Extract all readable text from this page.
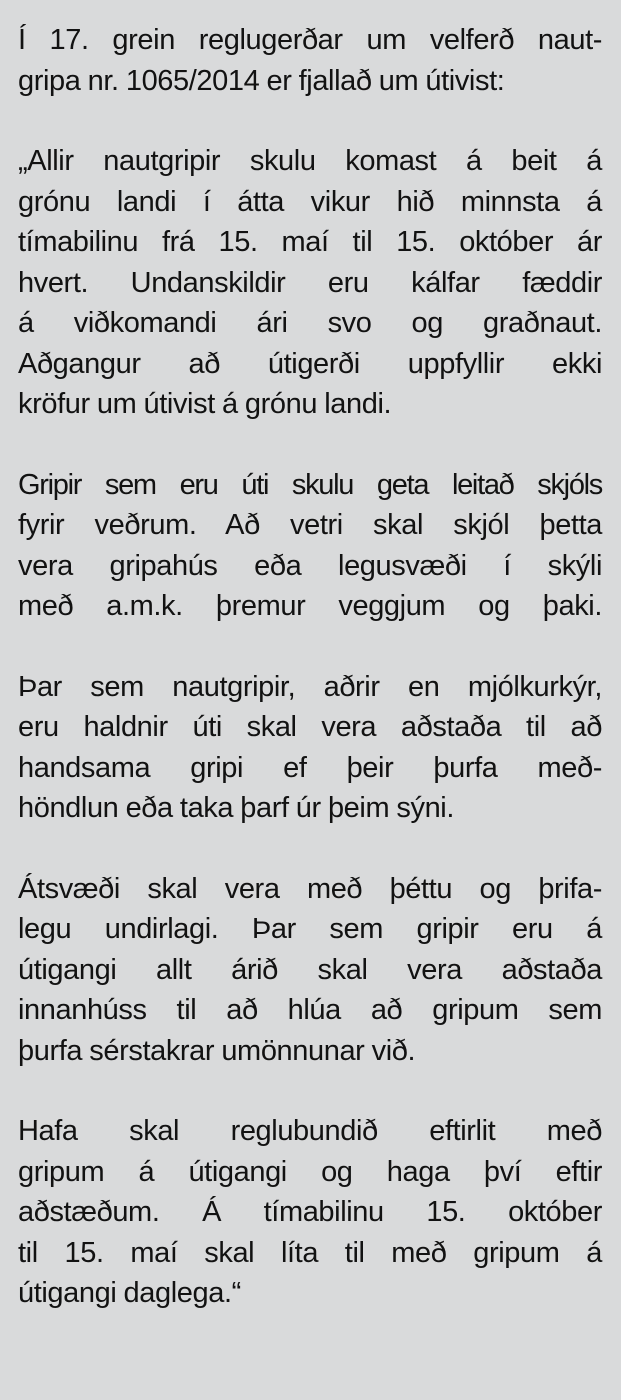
Í 17. grein reglugerðar um velferð naut-
gripa nr. 1065/2014 er fjallað um útivist:

„Allir nautgripir skulu komast á beit á
grónu landi í átta vikur hið minnsta á
tímabilinu frá 15. maí til 15. október ár
hvert. Undanskildir eru kálfar fæddir
á viðkomandi ári svo og graðnaut.
Aðgangur að útigerði uppfyllir ekki
kröfur um útivist á grónu landi.

Gripir sem eru úti skulu geta leitað skjóls
fyrir veðrum. Að vetri skal skjól þetta
vera gripahús eða legusvæði í skýli
með a.m.k. þremur veggjum og þaki.

Þar sem nautgripir, aðrir en mjólkurkýr,
eru haldnir úti skal vera aðstaða til að
handsama gripi ef þeir þurfa með-
höndlun eða taka þarf úr þeim sýni.

Átsvæði skal vera með þéttu og þrifa-
legu undirlagi. Þar sem gripir eru á
útigangi allt árið skal vera aðstaða
innanhúss til að hlúa að gripum sem
þurfa sérstakrar umönnunar við.

Hafa skal reglubundið eftirlit með
gripum á útigangi og haga því eftir
aðstæðum. Á tímabilinu 15. október
til 15. maí skal líta til með gripum á
útigangi daglega.“
